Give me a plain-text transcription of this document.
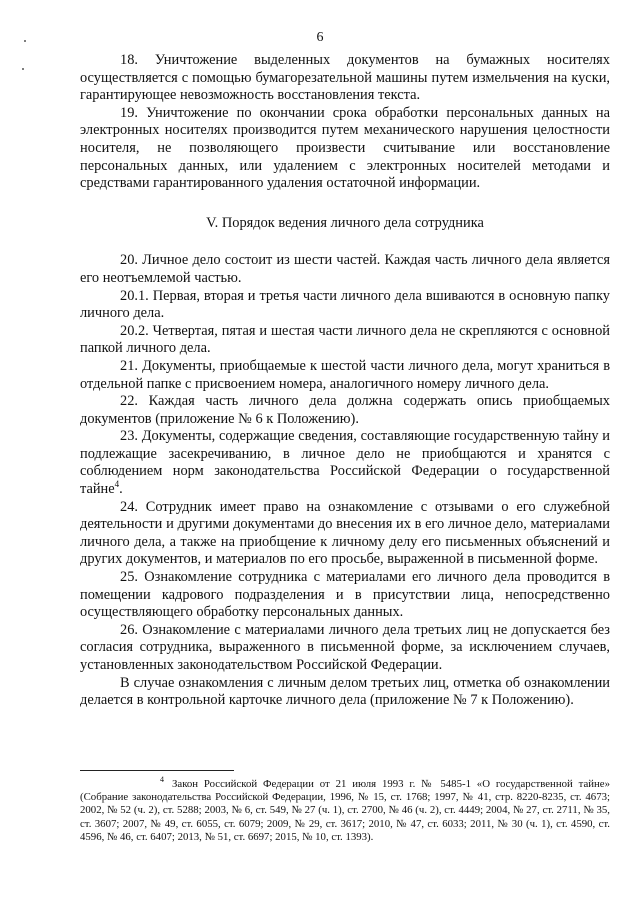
6

18. Уничтожение выделенных документов на бумажных носителях осуществляется с помощью бумагорезательной машины путем измельчения на куски, гарантирующее невозможность восстановления текста.

19. Уничтожение по окончании срока обработки персональных данных на электронных носителях производится путем механического нарушения целостности носителя, не позволяющего произвести считывание или восстановление персональных данных, или удалением с электронных носителей методами и средствами гарантированного удаления остаточной информации.

V. Порядок ведения личного дела сотрудника

20. Личное дело состоит из шести частей. Каждая часть личного дела является его неотъемлемой частью.

20.1. Первая, вторая и третья части личного дела вшиваются в основную папку личного дела.

20.2. Четвертая, пятая и шестая части личного дела не скрепляются с основной папкой личного дела.

21. Документы, приобщаемые к шестой части личного дела, могут храниться в отдельной папке с присвоением номера, аналогичного номеру личного дела.

22. Каждая часть личного дела должна содержать опись приобщаемых документов (приложение № 6 к Положению).

23. Документы, содержащие сведения, составляющие государственную тайну и подлежащие засекречиванию, в личное дело не приобщаются и хранятся с соблюдением норм законодательства Российской Федерации о государственной тайне$^4$.

24. Сотрудник имеет право на ознакомление с отзывами о его служебной деятельности и другими документами до внесения их в его личное дело, материалами личного дела, а также на приобщение к личному делу его письменных объяснений и других документов, и материалов по его просьбе, выраженной в письменной форме.

25. Ознакомление сотрудника с материалами его личного дела проводится в помещении кадрового подразделения и в присутствии лица, непосредственно осуществляющего обработку персональных данных.

26. Ознакомление с материалами личного дела третьих лиц не допускается без согласия сотрудника, выраженного в письменной форме, за исключением случаев, установленных законодательством Российской Федерации.

В случае ознакомления с личным делом третьих лиц, отметка об ознакомлении делается в контрольной карточке личного дела (приложение № 7 к Положению).

4 Закон Российской Федерации от 21 июля 1993 г. № 5485-1 «О государственной тайне» (Собрание законодательства Российской Федерации, 1996, № 15, ст. 1768; 1997, № 41, стр. 8220-8235, ст. 4673; 2002, № 52 (ч. 2), ст. 5288; 2003, № 6, ст. 549, № 27 (ч. 1), ст. 2700, № 46 (ч. 2), ст. 4449; 2004, № 27, ст. 2711, № 35, ст. 3607; 2007, № 49, ст. 6055, ст. 6079; 2009, № 29, ст. 3617; 2010, № 47, ст. 6033; 2011, № 30 (ч. 1), ст. 4590, ст. 4596, № 46, ст. 6407; 2013, № 51, ст. 6697; 2015, № 10, ст. 1393).
